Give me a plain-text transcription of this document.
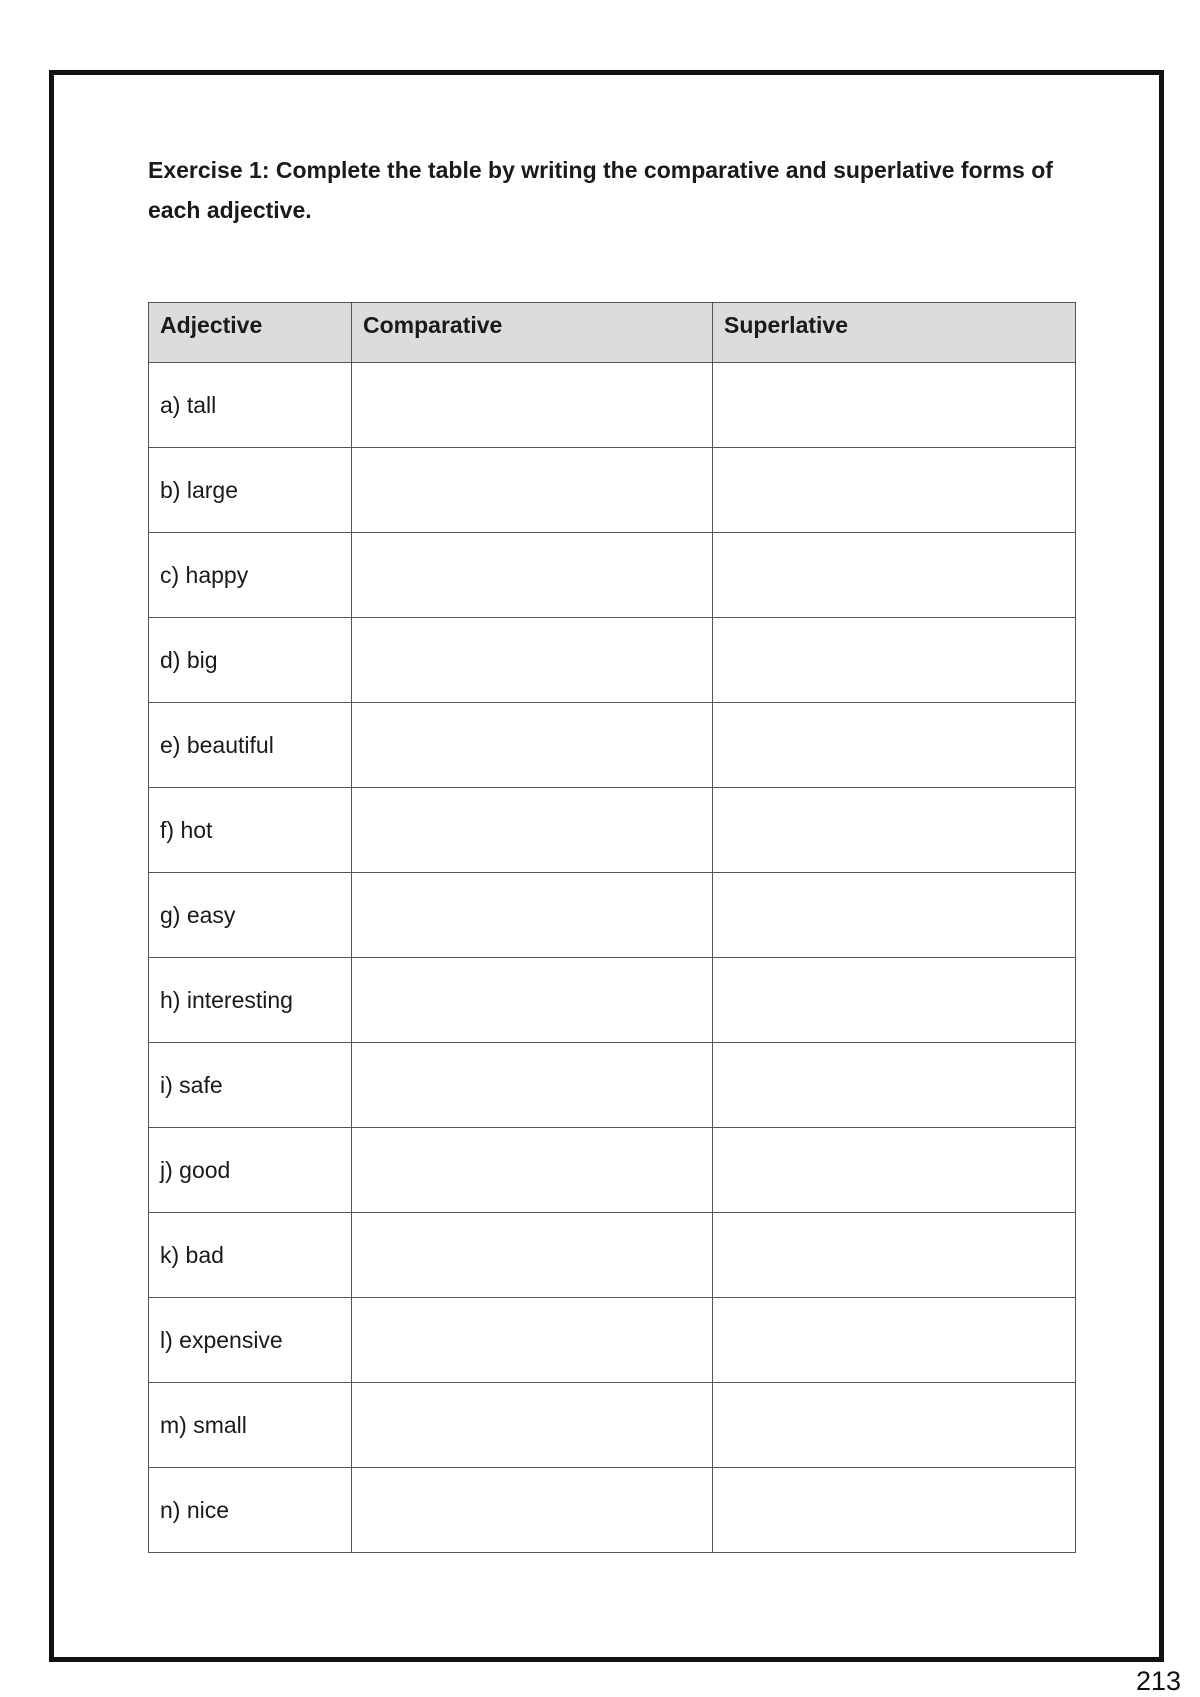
Exercise 1: Complete the table by writing the comparative and superlative forms of each adjective.

Adjective	Comparative	Superlative
a) tall	

b) large	

c) happy	

d) big	

e) beautiful	

f) hot	

g) easy	

h) interesting	

i) safe	

j) good	

k) bad	

l) expensive	

m) small	

n) nice	

213
